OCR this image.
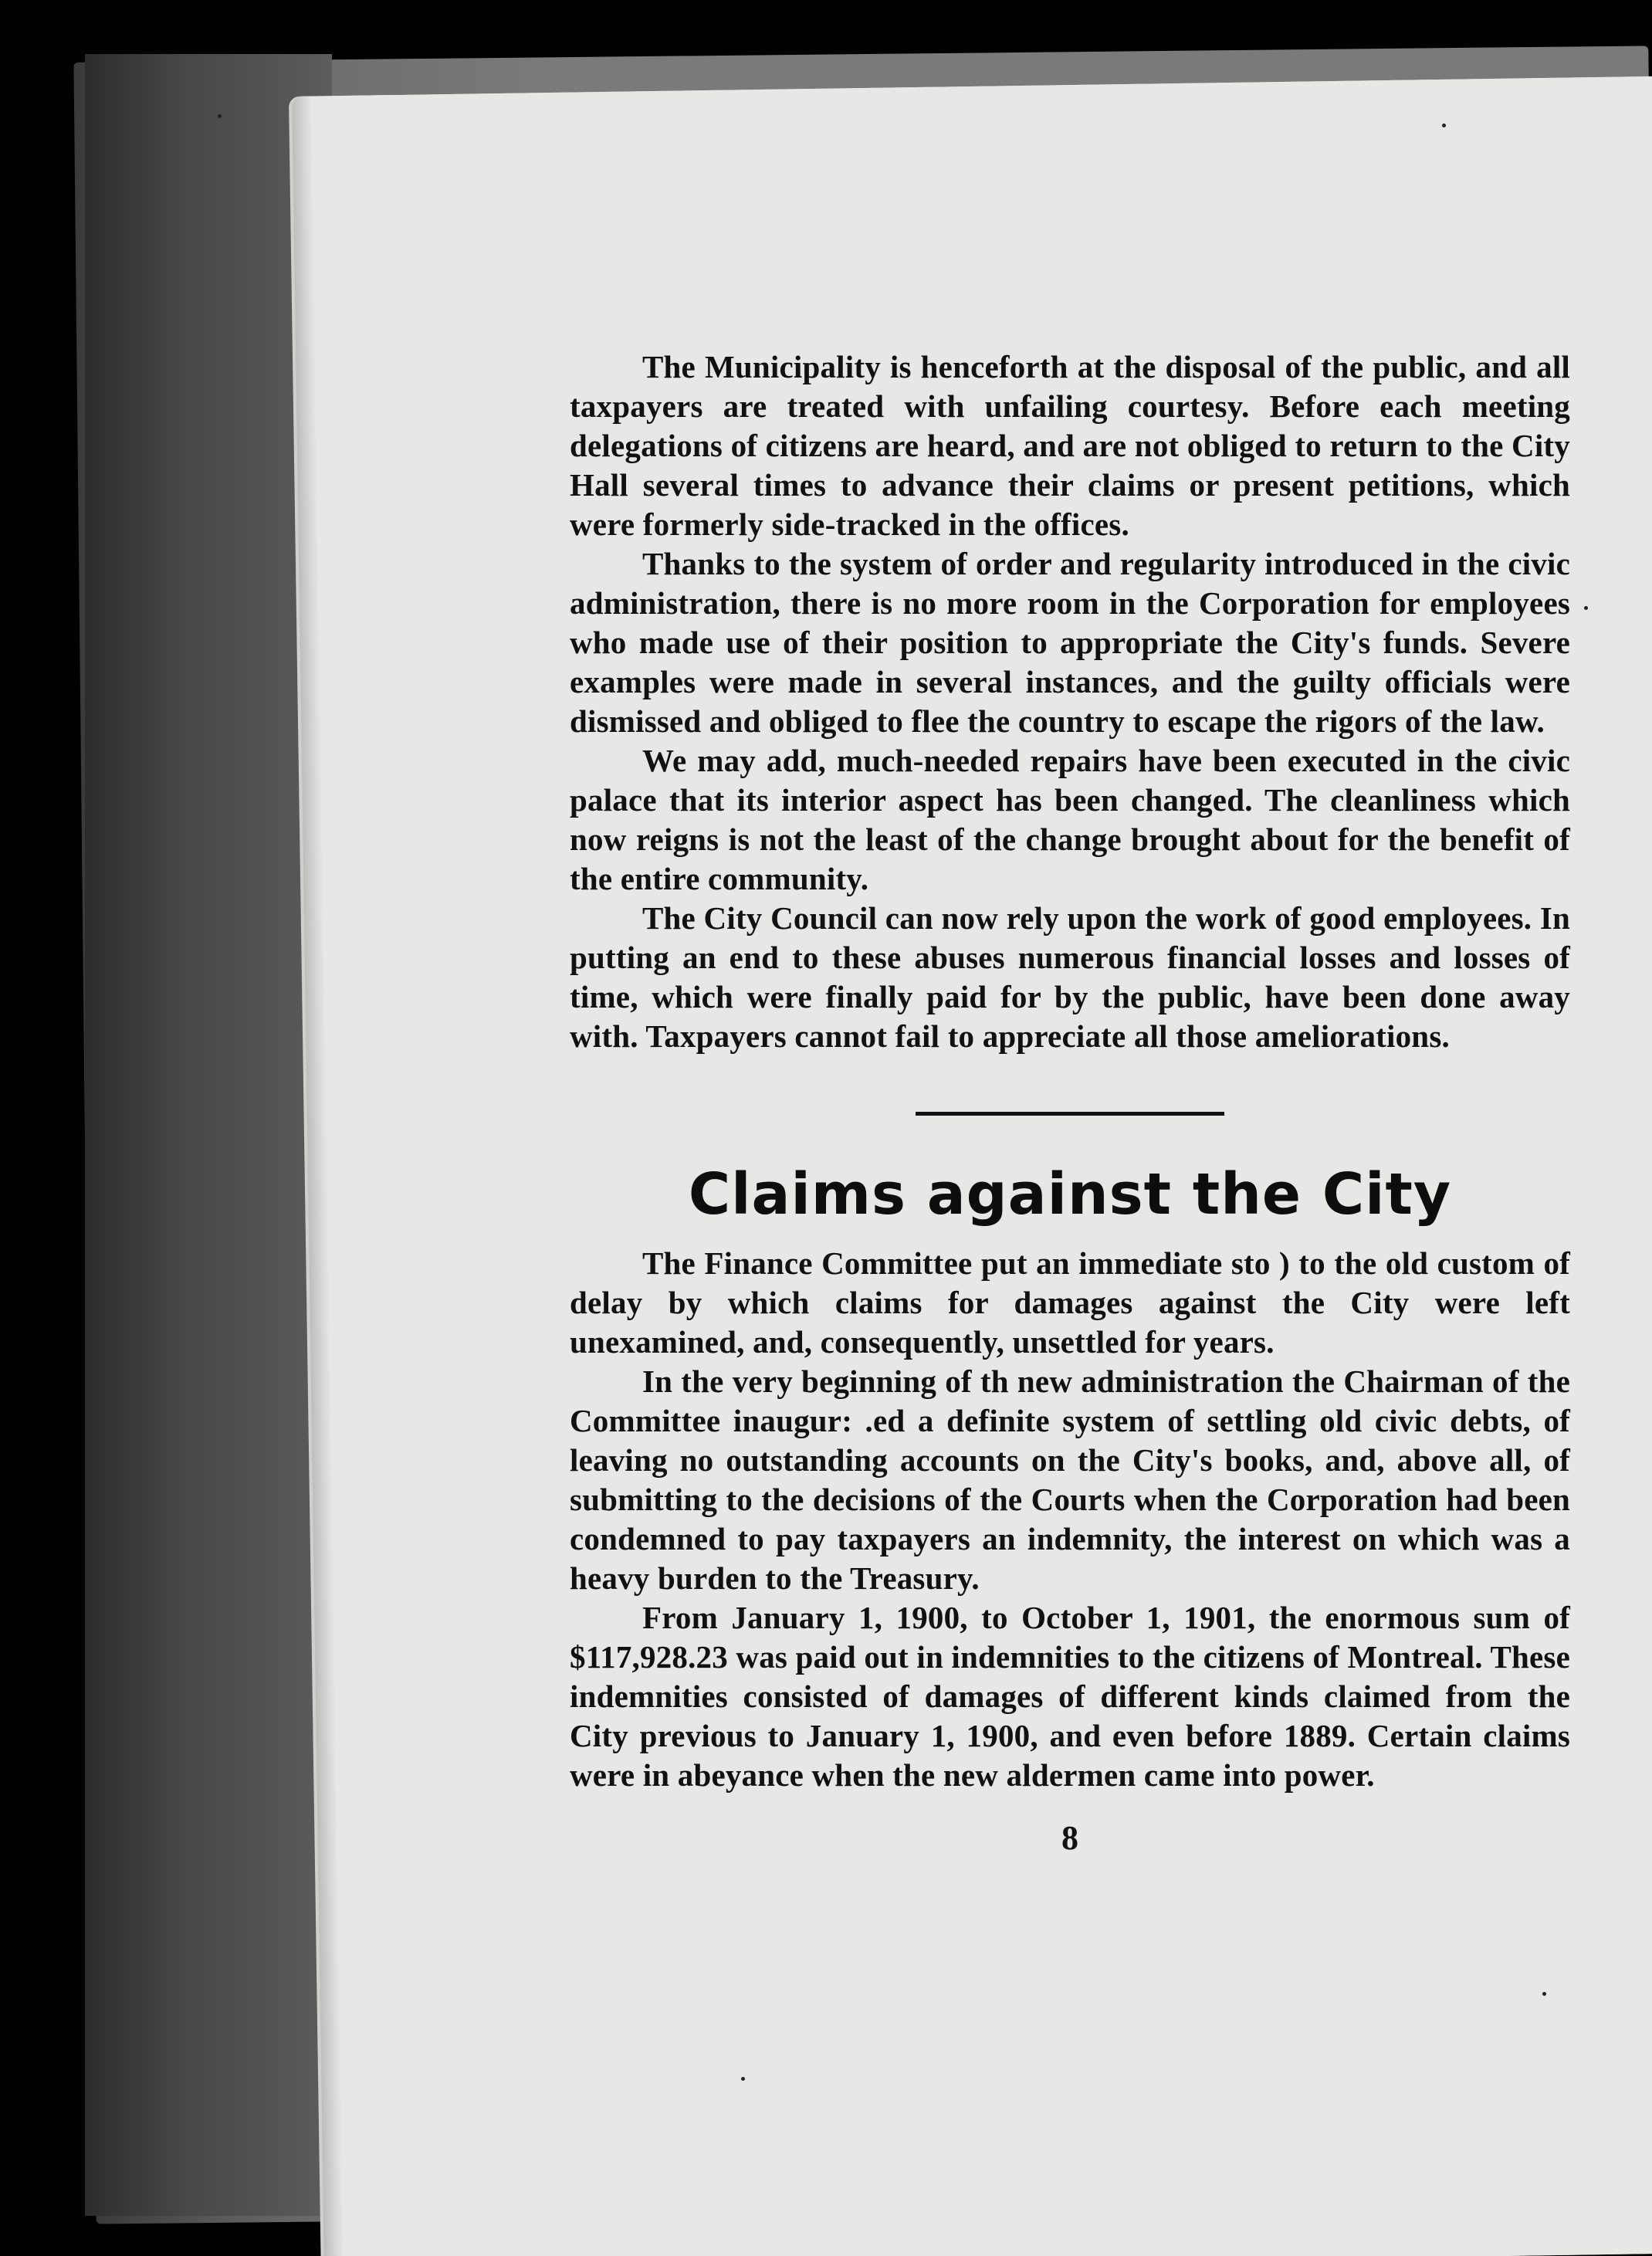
The Municipality is henceforth at the disposal of the public, and all taxpayers are treated with unfailing courtesy. Before each meeting delegations of citizens are heard, and are not obliged to return to the City Hall several times to advance their claims or present petitions, which were formerly side-tracked in the offices.

Thanks to the system of order and regularity introduced in the civic administration, there is no more room in the Corporation for employees who made use of their position to appropriate the City's funds. Severe examples were made in several instances, and the guilty officials were dismissed and obliged to flee the country to escape the rigors of the law.

We may add, much-needed repairs have been executed in the civic palace that its interior aspect has been changed. The cleanliness which now reigns is not the least of the change brought about for the benefit of the entire community.

The City Council can now rely upon the work of good employees. In putting an end to these abuses numerous financial losses and losses of time, which were finally paid for by the public, have been done away with. Taxpayers cannot fail to appreciate all those ameliorations.

Claims against the City

The Finance Committee put an immediate sto ) to the old custom of delay by which claims for damages against the City were left unexamined, and, consequently, unsettled for years.

In the very beginning of th new administration the Chairman of the Committee inaugur: .ed a definite system of settling old civic debts, of leaving no outstanding accounts on the City's books, and, above all, of submitting to the decisions of the Courts when the Corporation had been condemned to pay taxpayers an indemnity, the interest on which was a heavy burden to the Treasury.

From January 1, 1900, to October 1, 1901, the enormous sum of $117,928.23 was paid out in indemnities to the citizens of Montreal. These indemnities consisted of damages of different kinds claimed from the City previous to January 1, 1900, and even before 1889. Certain claims were in abeyance when the new aldermen came into power.

8
